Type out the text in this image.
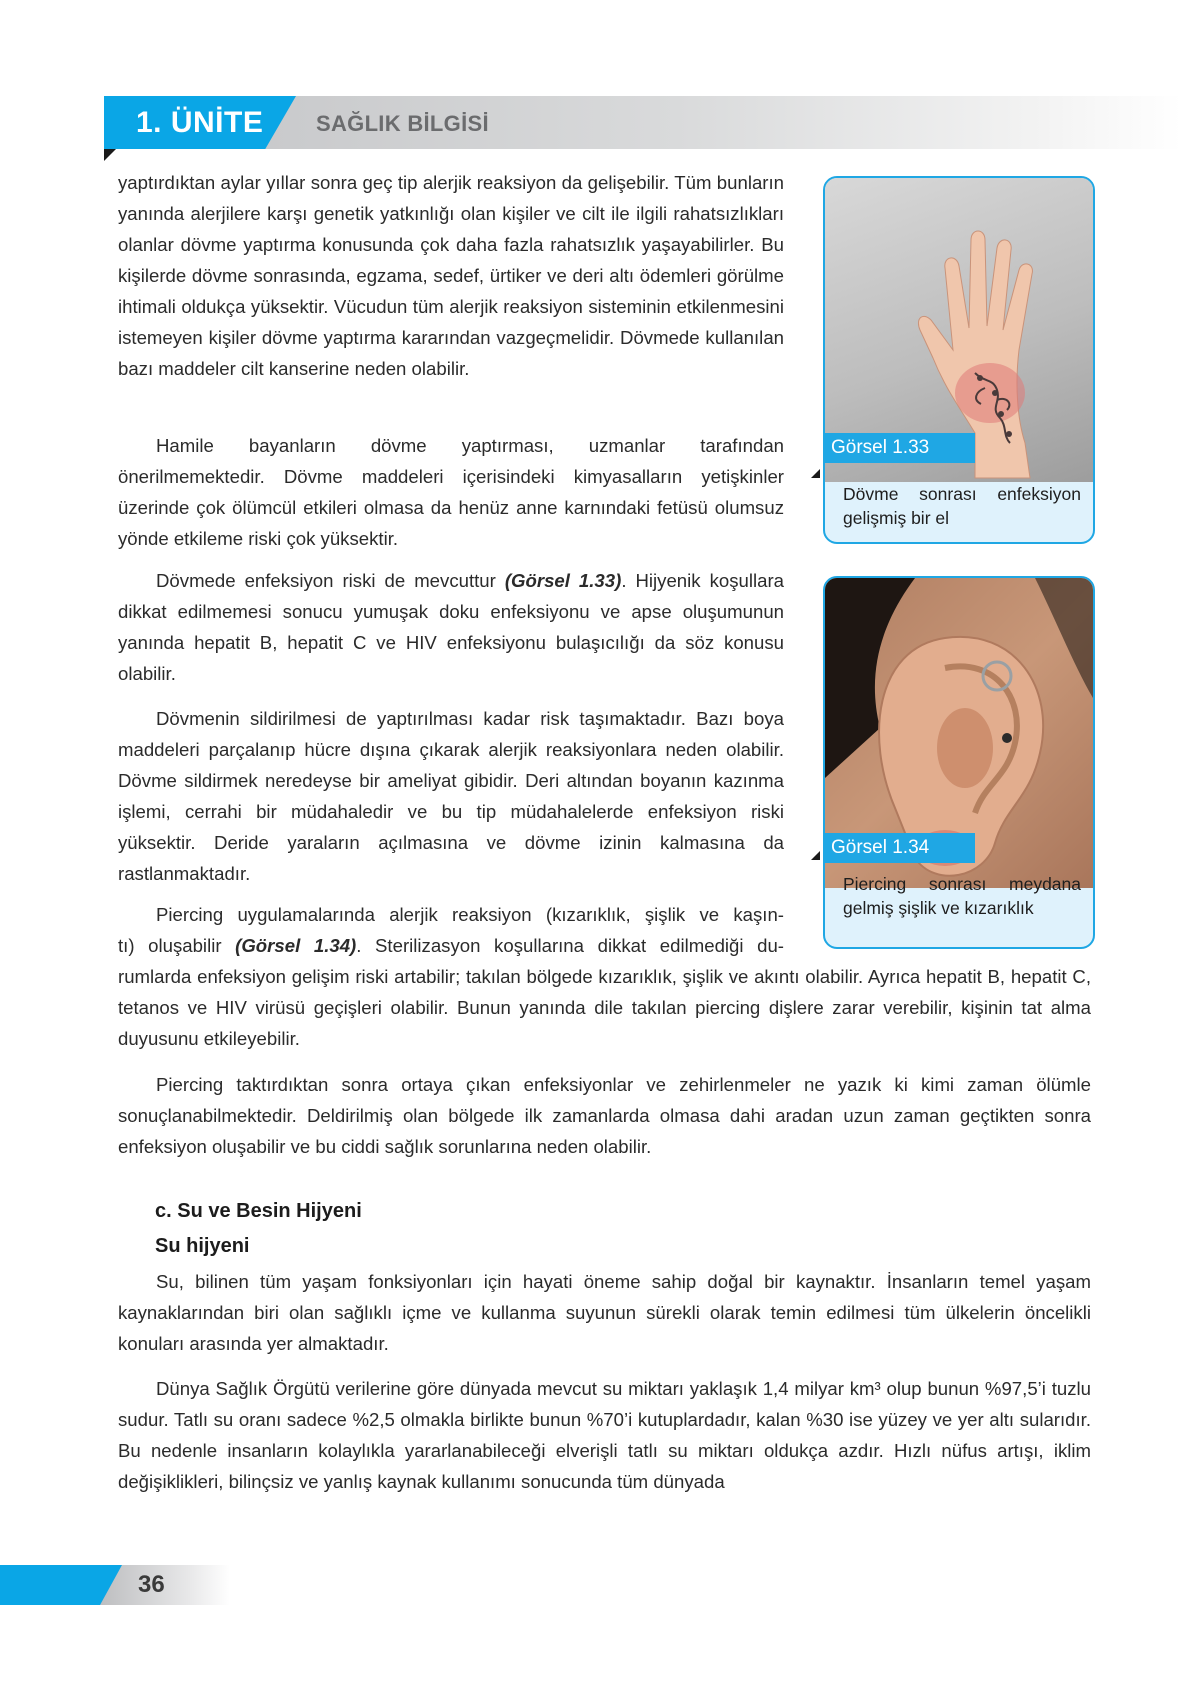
1. ÜNİTE SAĞLIK BİLGİSİ

yaptırdıktan aylar yıllar sonra geç tip alerjik reaksiyon da gelişebilir. Tüm bunların yanında alerjilere karşı genetik yatkınlığı olan kişiler ve cilt ile ilgili rahatsızlıkları olanlar dövme yaptırma konusunda çok daha fazla rahatsızlık yaşayabilirler. Bu kişilerde dövme sonrasında, egzama, sedef, ürtiker ve deri altı ödemleri görülme ihtimali oldukça yüksektir. Vücudun tüm alerjik reaksiyon sisteminin etkilenmesini istemeyen kişiler dövme yaptırma kararından vazgeçmelidir. Dövmede kullanılan bazı maddeler cilt kanserine neden olabilir.

Hamile bayanların dövme yaptırması, uzmanlar tarafından önerilmemektedir. Dövme maddeleri içerisindeki kimyasalların yetişkinler üzerinde çok ölümcül etkileri olmasa da henüz anne karnındaki fetüsü olumsuz yönde etkileme riski çok yüksektir.

Dövmede enfeksiyon riski de mevcuttur (Görsel 1.33). Hijyenik koşullara dikkat edilmemesi sonucu yumuşak doku enfeksiyonu ve apse oluşumunun yanında hepatit B, hepatit C ve HIV enfeksiyonu bulaşıcılığı da söz konusu olabilir.

Dövmenin sildirilmesi de yaptırılması kadar risk taşımaktadır. Bazı boya maddeleri parçalanıp hücre dışına çıkarak alerjik reaksiyonlara neden olabilir. Dövme sildirmek neredeyse bir ameliyat gibidir. Deri altından boyanın kazınma işlemi, cerrahi bir müdahaledir ve bu tip müdahalelerde enfeksiyon riski yüksektir. Deride yaraların açılmasına ve dövme izinin kalmasına da rastlanmaktadır.

Piercing uygulamalarında alerjik reaksiyon (kızarıklık, şişlik ve kaşın-

tı) oluşabilir (Görsel 1.34). Sterilizasyon koşullarına dikkat edilmediği du-

rumlarda enfeksiyon gelişim riski artabilir; takılan bölgede kızarıklık, şişlik ve akıntı olabilir. Ayrıca hepatit B, hepatit C, tetanos ve HIV virüsü geçişleri olabilir. Bunun yanında dile takılan piercing dişlere zarar verebilir, kişinin tat alma duyusunu etkileyebilir.

Piercing taktırdıktan sonra ortaya çıkan enfeksiyonlar ve zehirlenmeler ne yazık ki kimi zaman ölümle sonuçlanabilmektedir. Deldirilmiş olan bölgede ilk zamanlarda olmasa dahi aradan uzun zaman geçtikten sonra enfeksiyon oluşabilir ve bu ciddi sağlık sorunlarına neden olabilir.

c. Su ve Besin Hijyeni
Su hijyeni

Su, bilinen tüm yaşam fonksiyonları için hayati öneme sahip doğal bir kaynaktır. İnsanların temel yaşam kaynaklarından biri olan sağlıklı içme ve kullanma suyunun sürekli olarak temin edilmesi tüm ülkelerin öncelikli konuları arasında yer almaktadır.

Dünya Sağlık Örgütü verilerine göre dünyada mevcut su miktarı yaklaşık 1,4 milyar km³ olup bunun %97,5’i tuzlu sudur. Tatlı su oranı sadece %2,5 olmakla birlikte bunun %70’i kutuplardadır, kalan %30 ise yüzey ve yer altı sularıdır. Bu nedenle insanların kolaylıkla yararlanabileceği elverişli tatlı su miktarı oldukça azdır. Hızlı nüfus artışı, iklim değişiklikleri, bilinçsiz ve yanlış kaynak kullanımı sonucunda tüm dünyada

Görsel 1.33
Dövme sonrası enfeksiyon gelişmiş bir el
Görsel 1.34
Piercing sonrası meydana gelmiş şişlik ve kızarıklık
36
